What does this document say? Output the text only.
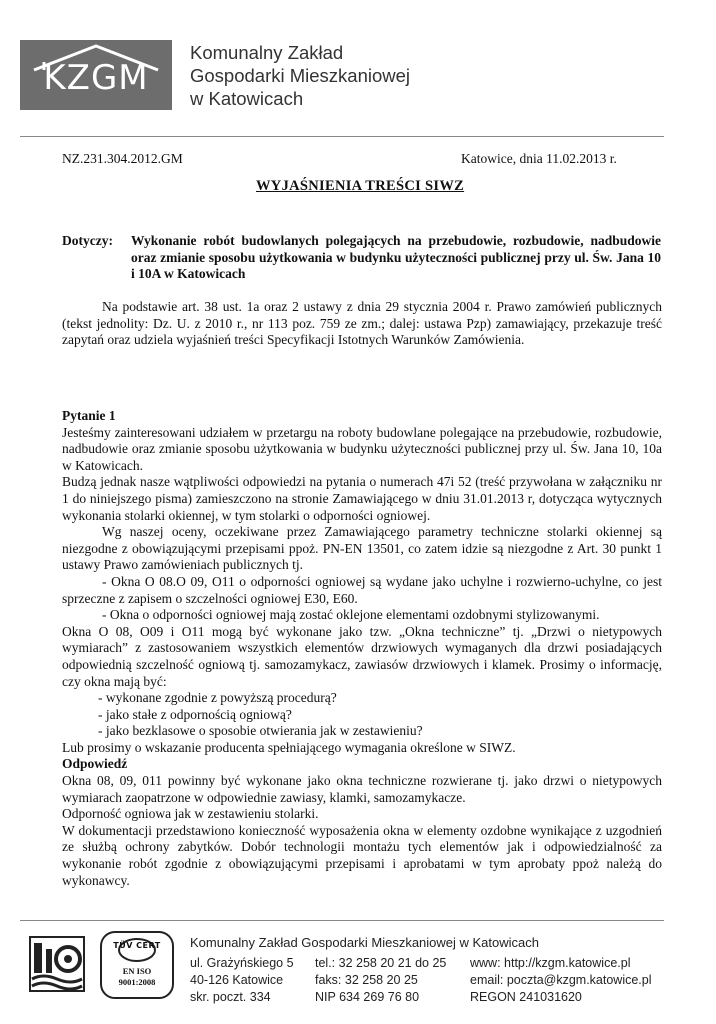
KZGM
Komunalny Zakład
Gospodarki Mieszkaniowej
w Katowicach
NZ.231.304.2012.GM	Katowice, dnia 11.02.2013 r.
WYJAŚNIENIA TREŚCI SIWZ
Dotyczy: Wykonanie robót budowlanych polegających na przebudowie, rozbudowie, nadbudowie oraz zmianie sposobu użytkowania w budynku użyteczności publicznej przy ul. Św. Jana 10 i 10A w Katowicach

Na podstawie art. 38 ust. 1a oraz 2 ustawy z dnia 29 stycznia 2004 r. Prawo zamówień publicznych (tekst jednolity: Dz. U. z 2010 r., nr 113 poz. 759 ze zm.; dalej: ustawa Pzp) zamawiający, przekazuje treść zapytań oraz udziela wyjaśnień treści Specyfikacji Istotnych Warunków Zamówienia.

Pytanie 1

Jesteśmy zainteresowani udziałem w przetargu na roboty budowlane polegające na przebudowie, rozbudowie, nadbudowie oraz zmianie sposobu użytkowania w budynku użyteczności publicznej przy ul. Św. Jana 10, 10a w Katowicach.

Budzą jednak nasze wątpliwości odpowiedzi na pytania o numerach 47i 52 (treść przywołana w załączniku nr 1 do niniejszego pisma) zamieszczono na stronie Zamawiającego w dniu 31.01.2013 r, dotycząca wytycznych wykonania stolarki okiennej, w tym stolarki o odporności ogniowej.

Wg naszej oceny, oczekiwane przez Zamawiającego parametry techniczne stolarki okiennej są niezgodne z obowiązującymi przepisami ppoż. PN-EN 13501, co zatem idzie są niezgodne z Art. 30 punkt 1 ustawy Prawo zamówieniach publicznych tj.

- Okna O 08.O 09, O11 o odporności ogniowej są wydane jako uchylne i rozwierno-uchylne, co jest sprzeczne z zapisem o szczelności ogniowej E30, E60.

- Okna o odporności ogniowej mają zostać oklejone elementami ozdobnymi stylizowanymi.

Okna O 08, O09 i O11 mogą być wykonane jako tzw. „Okna techniczne” tj. „Drzwi o nietypowych wymiarach” z zastosowaniem wszystkich elementów drzwiowych wymaganych dla drzwi posiadających odpowiednią szczelność ogniową tj. samozamykacz, zawiasów drzwiowych i klamek. Prosimy o informację, czy okna mają być:

- wykonane zgodnie z powyższą procedurą?

- jako stałe z odpornością ogniową?

- jako bezklasowe o sposobie otwierania jak w zestawieniu?

Lub prosimy o wskazanie producenta spełniającego wymagania określone w SIWZ.

Odpowiedź

Okna 08, 09, 011 powinny być wykonane jako okna techniczne rozwierane tj. jako drzwi o nietypowych wymiarach zaopatrzone w odpowiednie zawiasy, klamki, samozamykacze.

Odporność ogniowa jak w zestawieniu stolarki.

W dokumentacji przedstawiono konieczność wyposażenia okna w elementy ozdobne wynikające z uzgodnień ze służbą ochrony zabytków. Dobór technologii montażu tych elementów jak i odpowiedzialność za wykonanie robót zgodnie z obowiązującymi przepisami i aprobatami w tym aprobaty ppoż należą do wykonawcy.

TÜV CERT
EN ISO
9001:2008
Komunalny Zakład Gospodarki Mieszkaniowej w Katowicach
ul. Grażyńskiego 5
40-126 Katowice
skr. poczt. 334
tel.: 32 258 20 21 do 25
faks: 32 258 20 25
NIP 634 269 76 80
www: http://kzgm.katowice.pl
email: poczta@kzgm.katowice.pl
REGON 241031620
